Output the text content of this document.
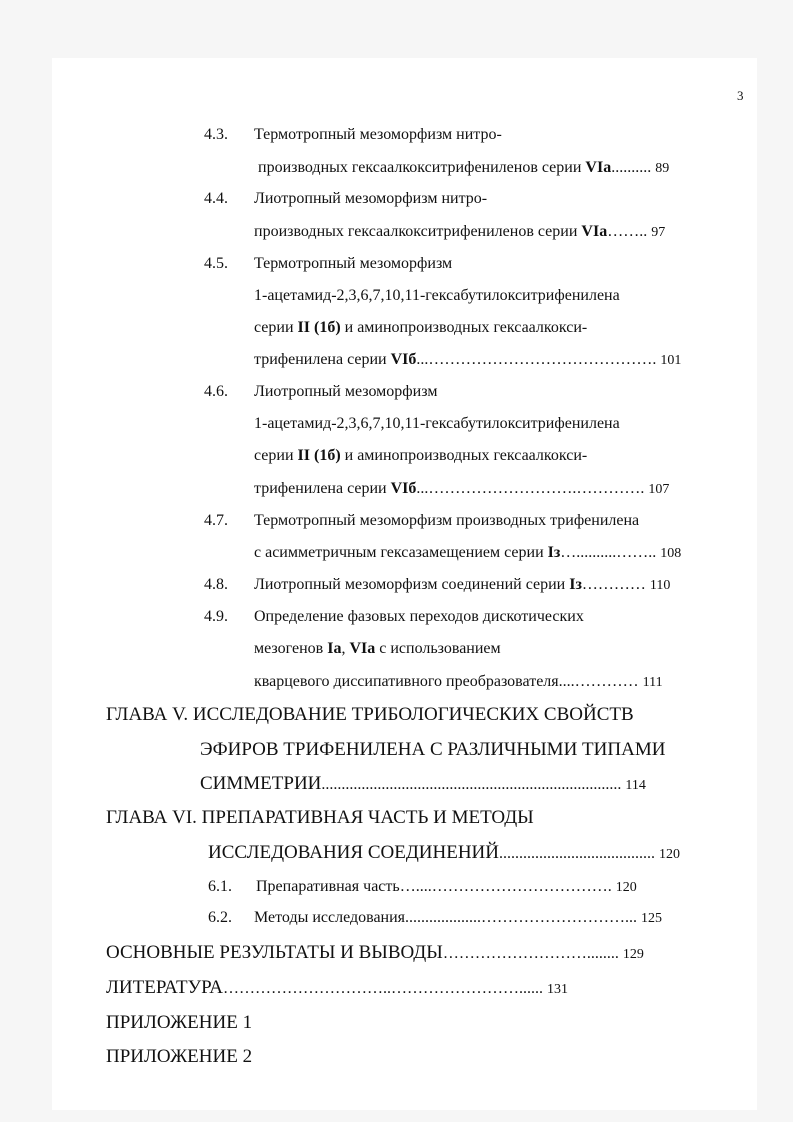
3
4.3. Термотропный мезоморфизм нитро-
производных гексаалкокситрифениленов серии VIa.......... 89
4.4. Лиотропный мезоморфизм нитро-
производных гексаалкокситрифениленов серии VIa…….. 97
4.5. Термотропный мезоморфизм
1-ацетамид-2,3,6,7,10,11-гексабутилокситрифенилена
серии II (1б) и аминопроизводных гексаалкокси-
трифенилена серии VIб...……………………………………. 101
4.6. Лиотропный мезоморфизм
1-ацетамид-2,3,6,7,10,11-гексабутилокситрифенилена
серии II (1б) и аминопроизводных гексаалкокси-
трифенилена серии VIб...……………………….…………. 107
4.7. Термотропный мезоморфизм производных трифенилена
с асимметричным гексазамещением серии Iз…..........…….. 108
4.8. Лиотропный мезоморфизм соединений серии Iз………… 110
4.9. Определение фазовых переходов дискотических
мезогенов Ia, VIa с использованием
кварцевого диссипативного преобразователя....………… 111
ГЛАВА V. ИССЛЕДОВАНИЕ ТРИБОЛОГИЧЕСКИХ СВОЙСТВ
ЭФИРОВ ТРИФЕНИЛЕНА С РАЗЛИЧНЫМИ ТИПАМИ
СИММЕТРИИ........................................................................... 114
ГЛАВА VI. ПРЕПАРАТИВНАЯ ЧАСТЬ И МЕТОДЫ
ИССЛЕДОВАНИЯ СОЕДИНЕНИЙ....................................... 120
6.1. Препаративная часть…....……………………………. 120
6.2. Методы исследования...................………………………... 125
ОСНОВНЫЕ РЕЗУЛЬТАТЫ И ВЫВОДЫ………………………........ 129
ЛИТЕРАТУРА…………………………..……………………...... 131
ПРИЛОЖЕНИЕ 1
ПРИЛОЖЕНИЕ 2
